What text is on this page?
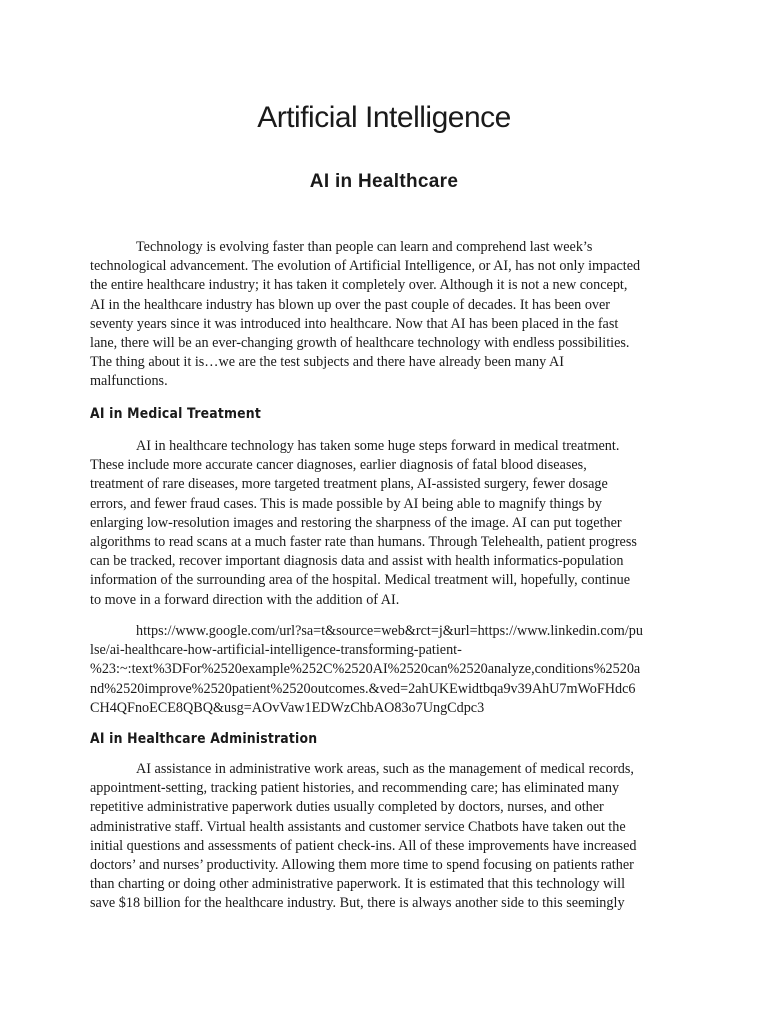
Artificial Intelligence
AI in Healthcare

Technology is evolving faster than people can learn and comprehend last week’s
technological advancement. The evolution of Artificial Intelligence, or AI, has not only impacted
the entire healthcare industry; it has taken it completely over. Although it is not a new concept,
AI in the healthcare industry has blown up over the past couple of decades. It has been over
seventy years since it was introduced into healthcare. Now that AI has been placed in the fast
lane, there will be an ever-changing growth of healthcare technology with endless possibilities.
The thing about it is…we are the test subjects and there have already been many AI
malfunctions.

AI in Medical Treatment

AI in healthcare technology has taken some huge steps forward in medical treatment.
These include more accurate cancer diagnoses, earlier diagnosis of fatal blood diseases,
treatment of rare diseases, more targeted treatment plans, AI-assisted surgery, fewer dosage
errors, and fewer fraud cases. This is made possible by AI being able to magnify things by
enlarging low-resolution images and restoring the sharpness of the image. AI can put together
algorithms to read scans at a much faster rate than humans. Through Telehealth, patient progress
can be tracked, recover important diagnosis data and assist with health informatics-population
information of the surrounding area of the hospital. Medical treatment will, hopefully, continue
to move in a forward direction with the addition of AI.

https://www.google.com/url?sa=t&source=web&rct=j&url=https://www.linkedin.com/pu
lse/ai-healthcare-how-artificial-intelligence-transforming-patient-
%23:~:text%3DFor%2520example%252C%2520AI%2520can%2520analyze,conditions%2520a
nd%2520improve%2520patient%2520outcomes.&ved=2ahUKEwidtbqa9v39AhU7mWoFHdc6
CH4QFnoECE8QBQ&usg=AOvVaw1EDWzChbAO83o7UngCdpc3

AI in Healthcare Administration

AI assistance in administrative work areas, such as the management of medical records,
appointment-setting, tracking patient histories, and recommending care; has eliminated many
repetitive administrative paperwork duties usually completed by doctors, nurses, and other
administrative staff. Virtual health assistants and customer service Chatbots have taken out the
initial questions and assessments of patient check-ins. All of these improvements have increased
doctors’ and nurses’ productivity. Allowing them more time to spend focusing on patients rather
than charting or doing other administrative paperwork. It is estimated that this technology will
save $18 billion for the healthcare industry. But, there is always another side to this seemingly
